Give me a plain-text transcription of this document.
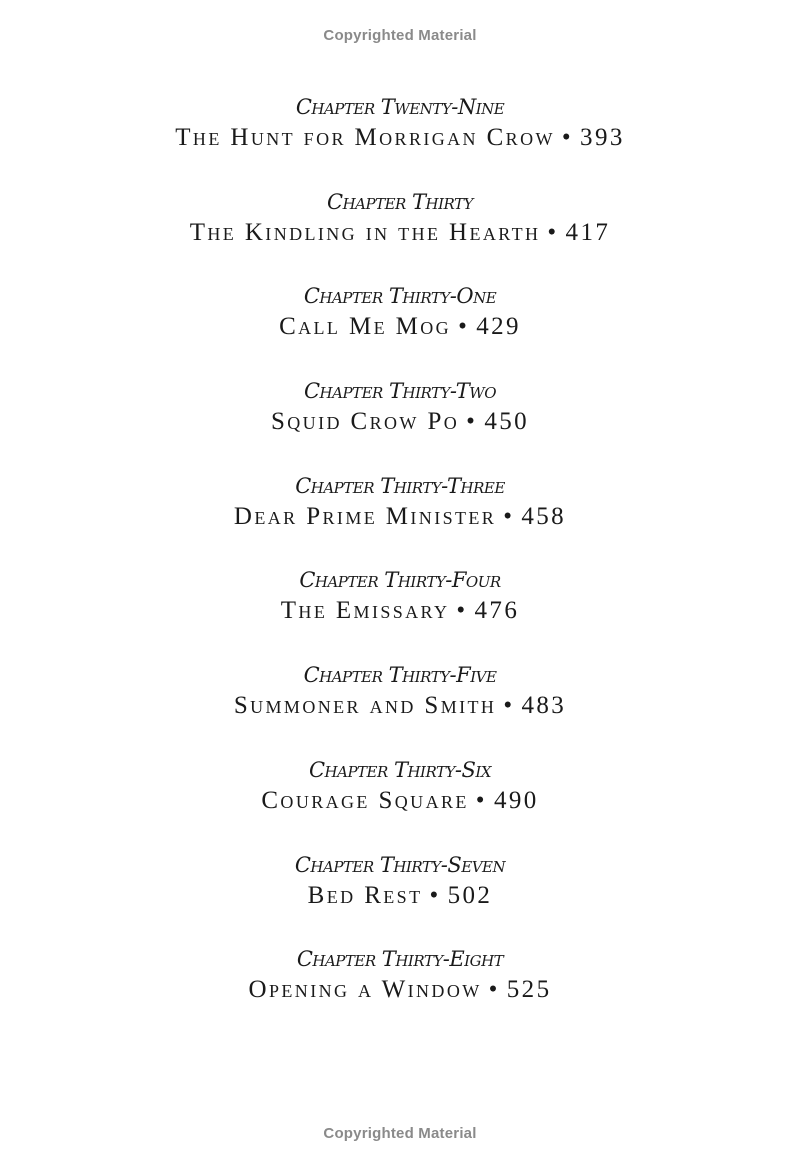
Copyrighted Material
Chapter Twenty-Nine
The Hunt for Morrigan Crow • 393
Chapter Thirty
The Kindling in the Hearth • 417
Chapter Thirty-One
Call Me Mog • 429
Chapter Thirty-Two
Squid Crow Po • 450
Chapter Thirty-Three
Dear Prime Minister • 458
Chapter Thirty-Four
The Emissary • 476
Chapter Thirty-Five
Summoner and Smith • 483
Chapter Thirty-Six
Courage Square • 490
Chapter Thirty-Seven
Bed Rest • 502
Chapter Thirty-Eight
Opening a Window • 525
Copyrighted Material
